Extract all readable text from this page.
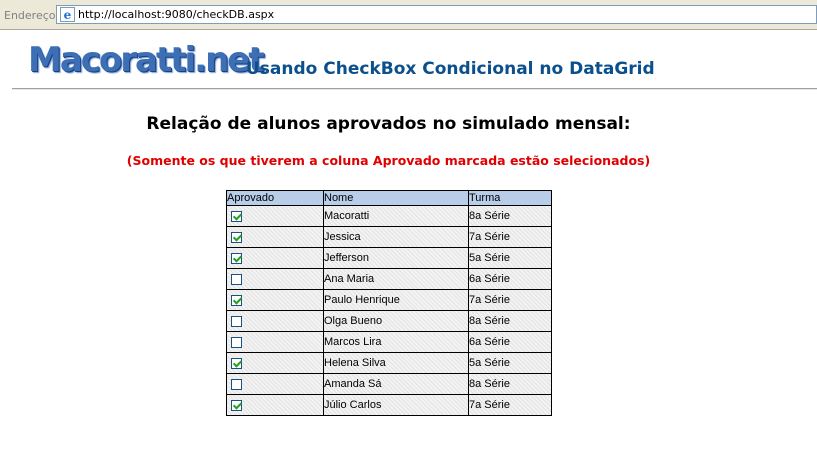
Endereço e http://localhost:9080/checkDB.aspx
Macoratti.net
Usando CheckBox Condicional no DataGrid
Relação de alunos aprovados no simulado mensal:
(Somente os que tiverem a coluna Aprovado marcada estão selecionados)
Aprovado	Nome	Turma
	Macoratti	8a Série
	Jessica	7a Série
	Jefferson	5a Série
	Ana Maria	6a Série
	Paulo Henrique	7a Série
	Olga Bueno	8a Série
	Marcos Lira	6a Série
	Helena Silva	5a Série
	Amanda Sá	8a Série
	Júlio Carlos	7a Série
